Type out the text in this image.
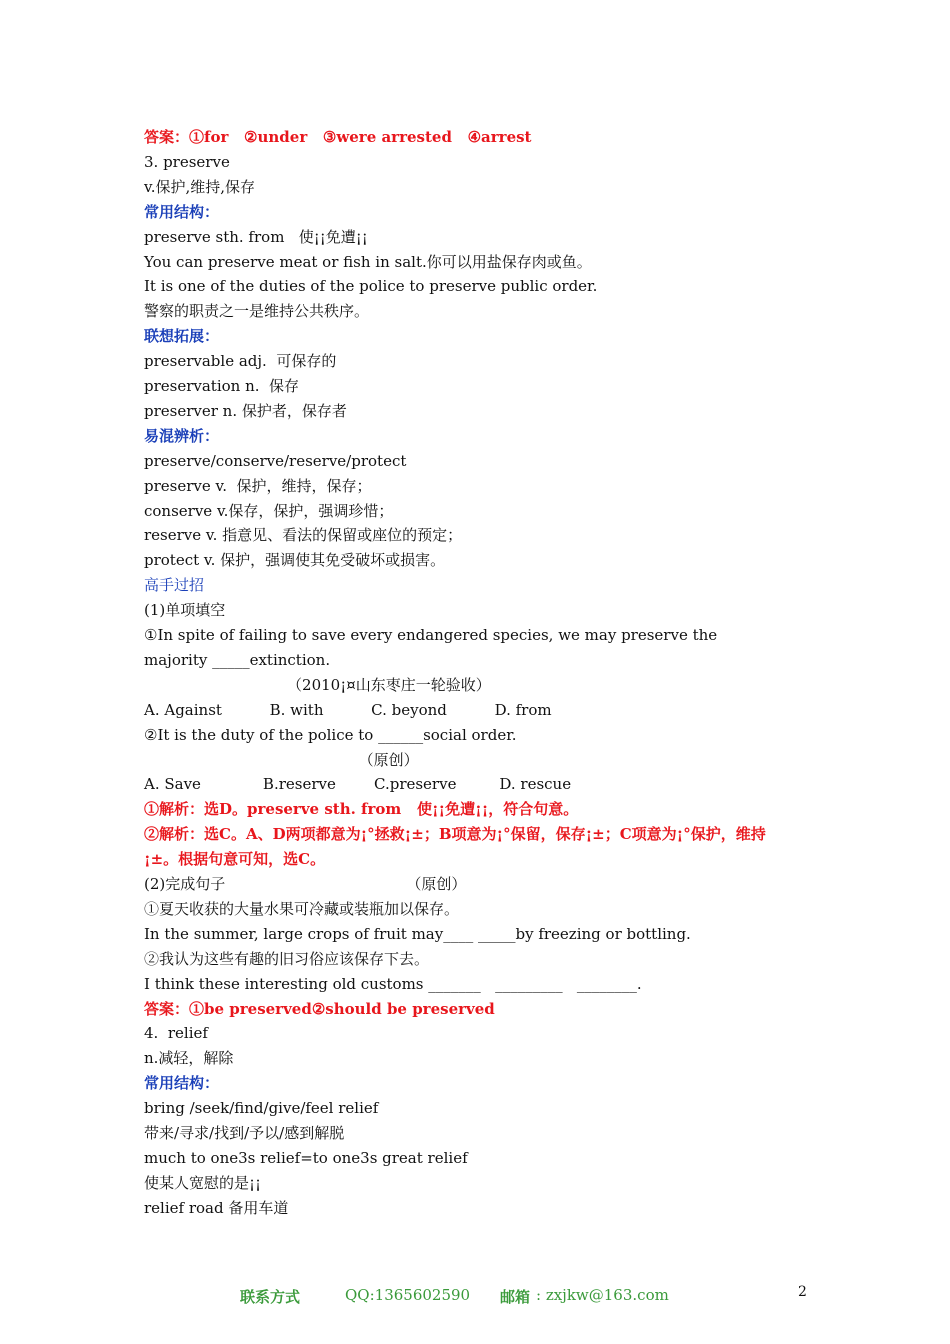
答案：①for   ②under   ③were arrested   ④arrest
3. preserve
v.保护,维持,保存
常用结构：
preserve sth. from   使¡¡免遭¡¡
You can preserve meat or fish in salt.你可以用盐保存肉或鱼。
It is one of the duties of the police to preserve public order.
警察的职责之一是维持公共秩序。
联想拓展：
preservable adj.  可保存的
preservation n.  保存
preserver n. 保护者，保存者
易混辨析：
preserve/conserve/reserve/protect
preserve v.  保护，维持，保存；
conserve v.保存，保护，强调珍惜；
reserve v. 指意见、看法的保留或座位的预定；
protect v. 保护，强调使其免受破坏或损害。
高手过招
(1)单项填空
①In spite of failing to save every endangered species, we may preserve the
majority _____extinction.
（2010¡¤山东枣庄一轮验收）
A. Against          B. with          C. beyond          D. from
②It is the duty of the police to ______social order.
（原创）
A. Save             B.reserve        C.preserve         D. rescue
①解析：选D。preserve sth. from   使¡¡免遭¡¡，符合句意。
②解析：选C。A、D两项都意为¡°拯救¡±；B项意为¡°保留，保存¡±；C项意为¡°保护，维持
¡±。根据句意可知，选C。
(2)完成句子                                      （原创）
①夏天收获的大量水果可冷藏或装瓶加以保存。
In the summer, large crops of fruit may____ _____by freezing or bottling.
②我认为这些有趣的旧习俗应该保存下去。
I think these interesting old customs _______   _________   ________.
答案：①be preserved②should be preserved
4.  relief
n.减轻，解除
常用结构：
bring /seek/find/give/feel relief
带来/寻求/找到/予以/感到解脱
much to one3s relief=to one3s great relief
使某人宽慰的是¡¡
relief road 备用车道
联系方式	QQ:1365602590 邮箱 : zxjkw@163.com	2
